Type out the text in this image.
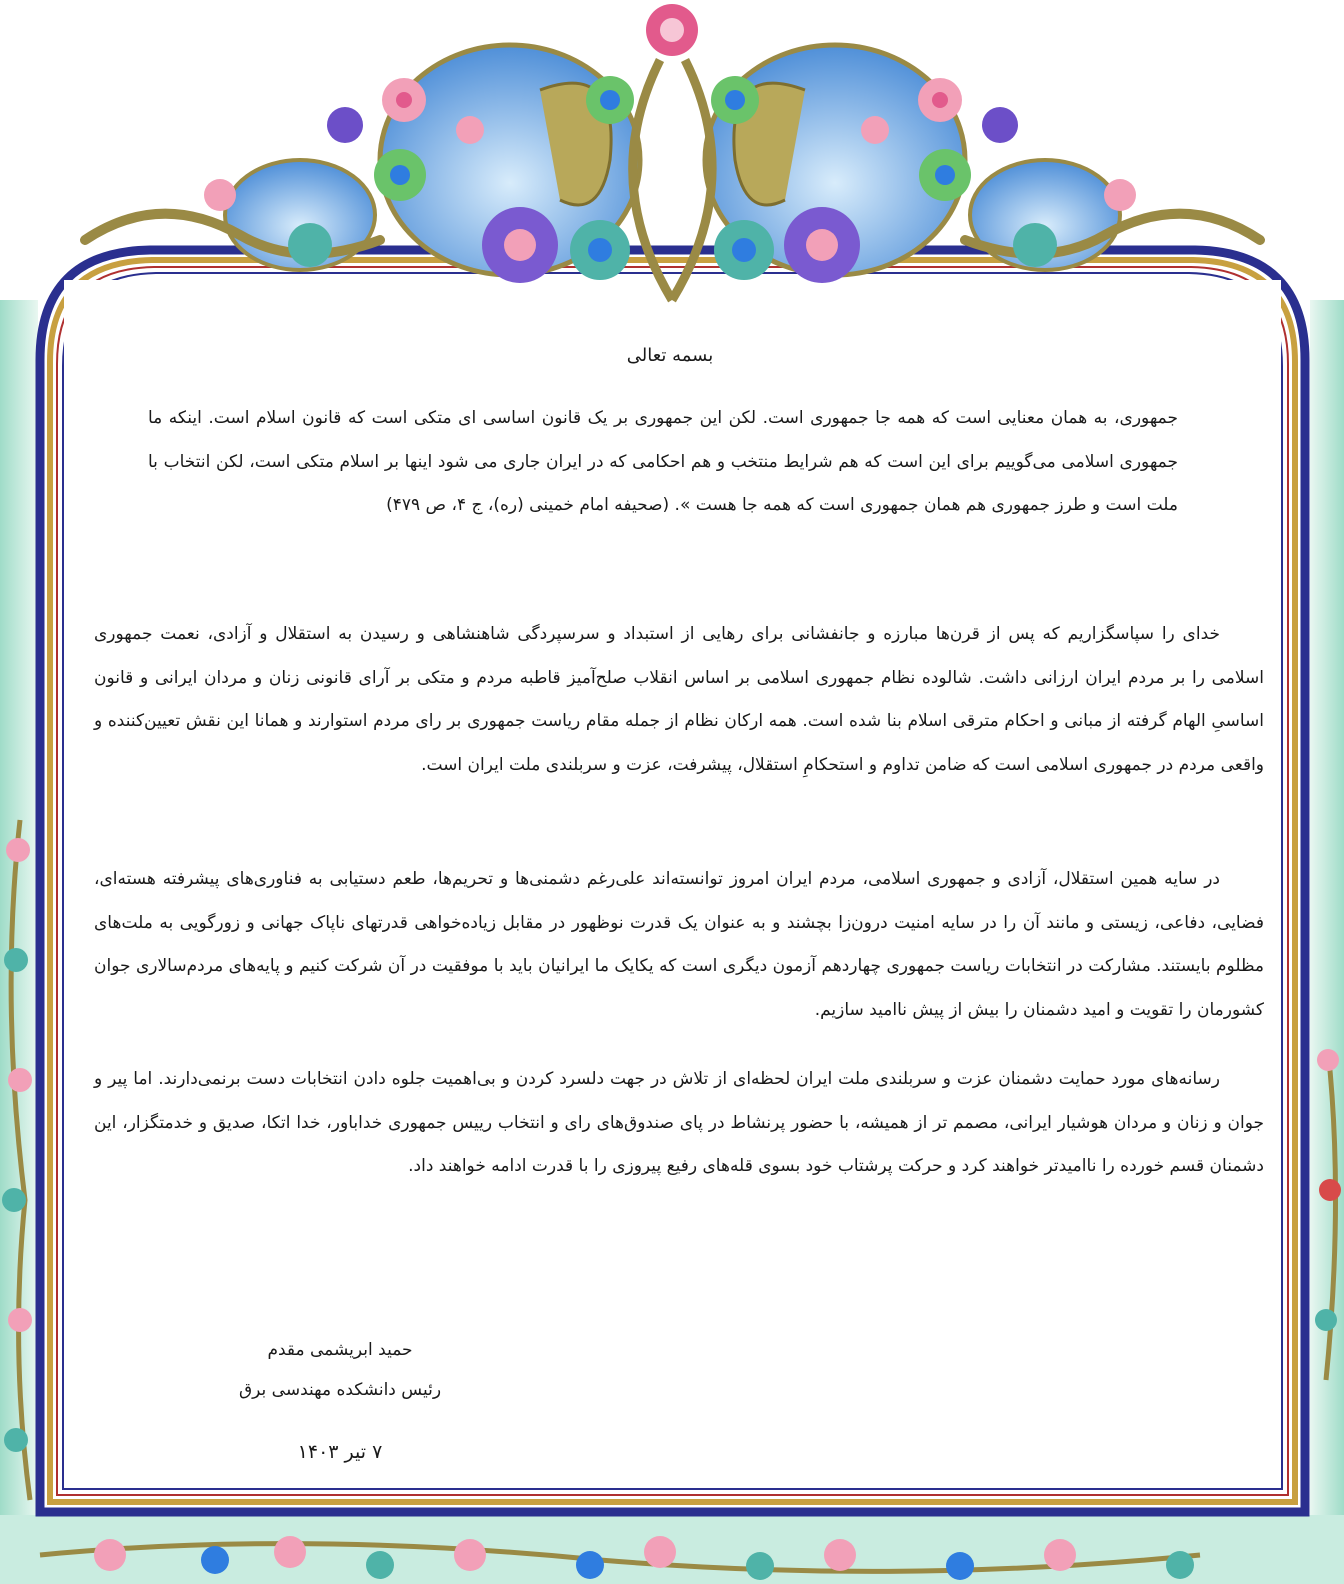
بسمه تعالی
جمهوری، به همان معنایی است که همه جا جمهوری است. لکن این جمهوری بر یک قانون اساسی ای متکی است که قانون اسلام است. اینکه ما جمهوری اسلامی می‌گوییم برای این است که هم شرایط منتخب و هم احکامی که در ایران جاری می شود اینها بر اسلام متکی است، لکن انتخاب با ملت است و طرز جمهوری هم همان جمهوری است که همه جا هست ». (صحیفه امام خمینی (ره)، ج ۴، ص ۴۷۹)
خدای را سپاسگزاریم که پس از قرن‌ها مبارزه و جانفشانی برای رهایی از استبداد و سرسپردگی شاهنشاهی و رسیدن به استقلال و آزادی، نعمت جمهوری اسلامی را بر مردم ایران ارزانی داشت. شالوده نظام جمهوری اسلامی بر اساس انقلاب صلح‌آمیز قاطبه مردم و متکی بر آرای قانونی زنان و مردان ایرانی و قانون اساسیِ الهام گرفته از مبانی و احکام مترقی اسلام بنا شده است. همه ارکان نظام از جمله مقام ریاست جمهوری بر رای مردم استوارند و همانا این نقش تعیین‌کننده و واقعی مردم در جمهوری اسلامی است که ضامن تداوم و استحکامِ استقلال، پیشرفت، عزت و سربلندی ملت ایران است.
در سایه همین استقلال، آزادی و جمهوری اسلامی، مردم ایران امروز توانسته‌اند علی‌رغم دشمنی‌ها و تحریم‌ها، طعم دستیابی به فناوری‌های پیشرفته هسته‌ای، فضایی، دفاعی، زیستی و مانند آن را در سایه امنیت درون‌زا بچشند و به عنوان یک قدرت نوظهور در مقابل زیاده‌خواهی قدرتهای ناپاک جهانی و زورگویی به ملت‌های مظلوم بایستند. مشارکت در انتخابات ریاست جمهوری چهاردهم آزمون دیگری است که یکایک ما ایرانیان باید با موفقیت در آن شرکت کنیم و پایه‌های مردم‌سالاری جوان کشورمان را تقویت و امید دشمنان را بیش از پیش ناامید سازیم.
رسانه‌های مورد حمایت دشمنان عزت و سربلندی ملت ایران لحظه‌ای از تلاش در جهت دلسرد کردن و بی‌اهمیت جلوه دادن انتخابات دست برنمی‌دارند. اما پیر و جوان و زنان و مردان هوشیار ایرانی، مصمم تر از همیشه، با حضور پرنشاط در پای صندوق‌های رای و انتخاب رییس جمهوری خداباور، خدا اتکا، صدیق و خدمتگزار، این دشمنان قسم خورده را ناامیدتر خواهند کرد و حرکت پرشتاب خود بسوی قله‌های رفیع پیروزی را با قدرت ادامه خواهند داد.
حمید ابریشمی مقدم
رئیس دانشکده مهندسی برق
۷ تیر ۱۴۰۳
